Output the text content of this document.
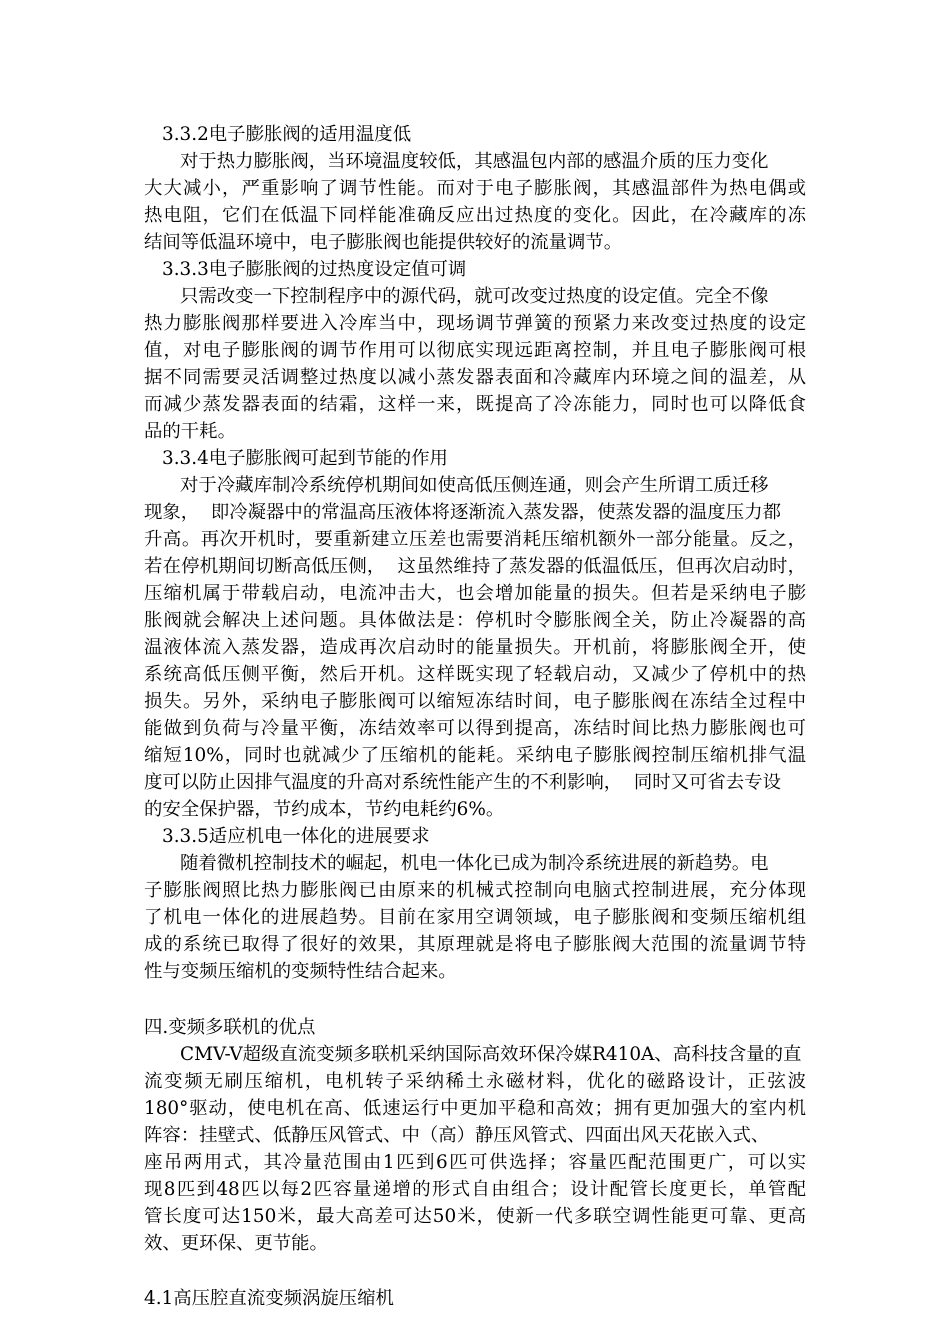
3.3.2电子膨胀阀的适用温度低
对于热力膨胀阀，当环境温度较低，其感温包内部的感温介质的压力变化
大大减小，严重影响了调节性能。而对于电子膨胀阀，其感温部件为热电偶或
热电阻，它们在低温下同样能准确反应出过热度的变化。因此，在冷藏库的冻
结间等低温环境中，电子膨胀阀也能提供较好的流量调节。
3.3.3电子膨胀阀的过热度设定值可调
只需改变一下控制程序中的源代码，就可改变过热度的设定值。完全不像
热力膨胀阀那样要进入冷库当中，现场调节弹簧的预紧力来改变过热度的设定
值，对电子膨胀阀的调节作用可以彻底实现远距离控制，并且电子膨胀阀可根
据不同需要灵活调整过热度以减小蒸发器表面和冷藏库内环境之间的温差，从
而减少蒸发器表面的结霜，这样一来，既提高了冷冻能力，同时也可以降低食
品的干耗。
3.3.4电子膨胀阀可起到节能的作用
对于冷藏库制冷系统停机期间如使高低压侧连通，则会产生所谓工质迁移
现象，  即冷凝器中的常温高压液体将逐渐流入蒸发器，使蒸发器的温度压力都
升高。再次开机时，要重新建立压差也需要消耗压缩机额外一部分能量。反之，
若在停机期间切断高低压侧，  这虽然维持了蒸发器的低温低压，但再次启动时，
压缩机属于带载启动，电流冲击大，也会增加能量的损失。但若是采纳电子膨
胀阀就会解决上述问题。具体做法是：停机时令膨胀阀全关，防止冷凝器的高
温液体流入蒸发器，造成再次启动时的能量损失。开机前，将膨胀阀全开，使
系统高低压侧平衡，然后开机。这样既实现了轻载启动，又减少了停机中的热
损失。另外，采纳电子膨胀阀可以缩短冻结时间，电子膨胀阀在冻结全过程中
能做到负荷与冷量平衡，冻结效率可以得到提高，冻结时间比热力膨胀阀也可
缩短10%，同时也就减少了压缩机的能耗。采纳电子膨胀阀控制压缩机排气温
度可以防止因排气温度的升高对系统性能产生的不利影响，  同时又可省去专设
的安全保护器，节约成本，节约电耗约6%。
3.3.5适应机电一体化的进展要求
随着微机控制技术的崛起，机电一体化已成为制冷系统进展的新趋势。电
子膨胀阀照比热力膨胀阀已由原来的机械式控制向电脑式控制进展，充分体现
了机电一体化的进展趋势。目前在家用空调领域，电子膨胀阀和变频压缩机组
成的系统已取得了很好的效果，其原理就是将电子膨胀阀大范围的流量调节特
性与变频压缩机的变频特性结合起来。
四.变频多联机的优点
CMV-V超级直流变频多联机采纳国际高效环保冷媒R410A、高科技含量的直
流变频无刷压缩机，电机转子采纳稀土永磁材料，优化的磁路设计，正弦波
180°驱动，使电机在高、低速运行中更加平稳和高效；拥有更加强大的室内机
阵容：挂壁式、低静压风管式、中（高）静压风管式、四面出风天花嵌入式、
座吊两用式，其冷量范围由1匹到6匹可供选择；容量匹配范围更广，可以实
现8匹到48匹以每2匹容量递增的形式自由组合；设计配管长度更长，单管配
管长度可达150米，最大高差可达50米，使新一代多联空调性能更可靠、更高
效、更环保、更节能。
4.1高压腔直流变频涡旋压缩机
